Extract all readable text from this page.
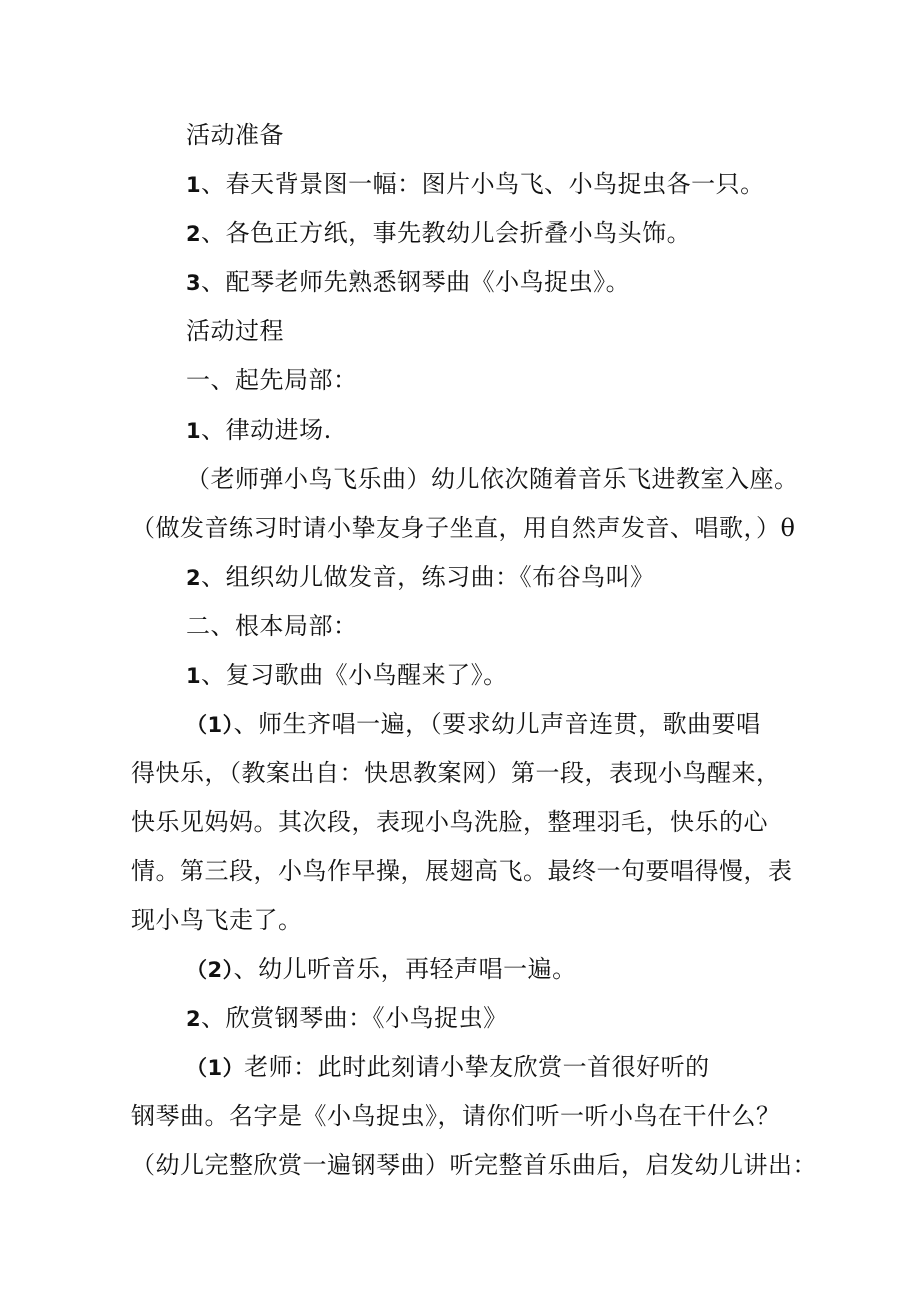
活动准备
1、春天背景图一幅：图片小鸟飞、小鸟捉虫各一只。
2、各色正方纸，事先教幼儿会折叠小鸟头饰。
3、配琴老师先熟悉钢琴曲《小鸟捉虫》。
活动过程
一、起先局部：
1、律动进场.
（老师弹小鸟飞乐曲）幼儿依次随着音乐飞进教室入座。
（做发音练习时请小挚友身子坐直，用自然声发音、唱歌，）θ
2、组织幼儿做发音，练习曲：《布谷鸟叫》
二、根本局部：
1、复习歌曲《小鸟醒来了》。
（1）、师生齐唱一遍，（要求幼儿声音连贯，歌曲要唱
得快乐，（教案出自：快思教案网）第一段，表现小鸟醒来，
快乐见妈妈。其次段，表现小鸟洗脸，整理羽毛，快乐的心
情。第三段，小鸟作早操，展翅高飞。最终一句要唱得慢，表
现小鸟飞走了。
（2）、幼儿听音乐，再轻声唱一遍。
2、欣赏钢琴曲：《小鸟捉虫》
（1）老师：此时此刻请小挚友欣赏一首很好听的
钢琴曲。名字是《小鸟捉虫》，请你们听一听小鸟在干什么？
（幼儿完整欣赏一遍钢琴曲）听完整首乐曲后，启发幼儿讲出：
